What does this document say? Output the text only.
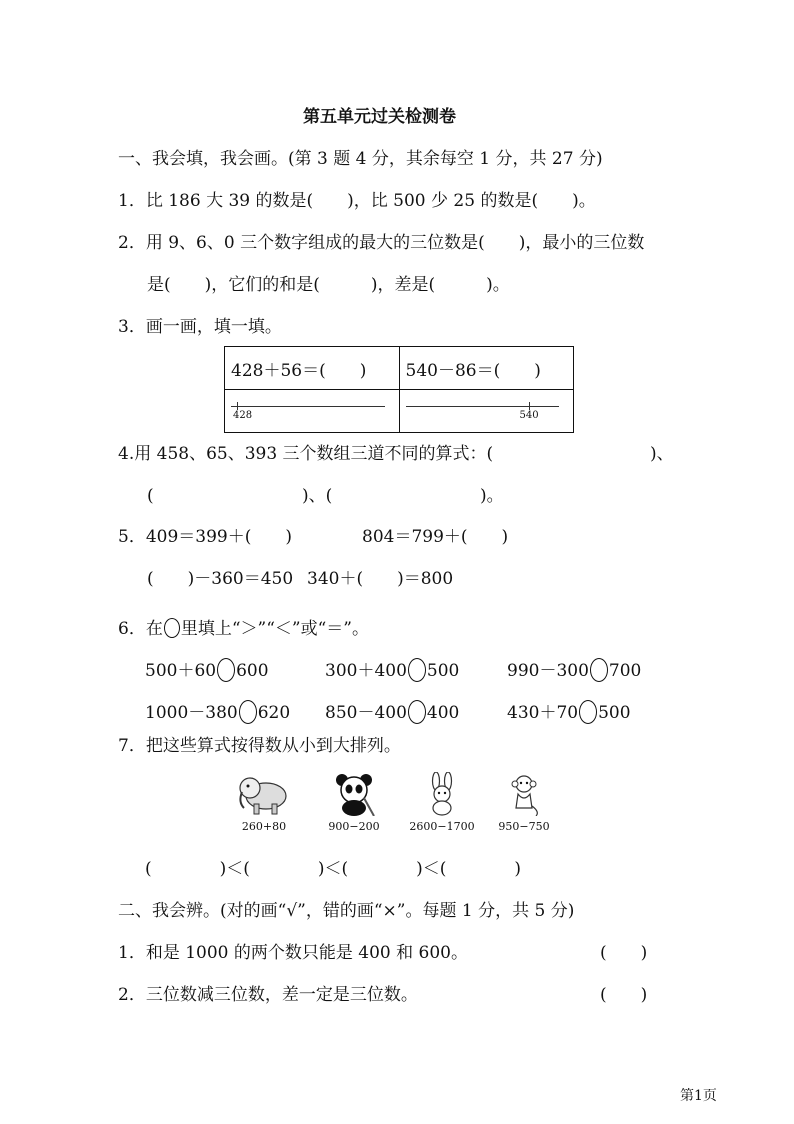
第五单元过关检测卷
一、我会填，我会画。(第 3 题 4 分，其余每空 1 分，共 27 分)
1．比 186 大 39 的数是(　　)，比 500 少 25 的数是(　　)。
2．用 9、6、0 三个数字组成的最大的三位数是(　　)，最小的三位数
是(　　)，它们的和是(　　　)，差是(　　　)。
3．画一画，填一填。
428＋56＝(　　)	540－86＝(　　)

428	540
4.用 458、65、393 三个数组三道不同的算式：(	)、
(	)、(	)。
5．409＝399＋(　　)	804＝799＋(　　)
(　　)－360＝450 340＋(　　)＝800
6．在 里填上“＞”“＜”或“＝”。
500＋60 600	300＋400 500	990－300 700
1000－380 620 850－400 400	430＋70 500
7．把这些算式按得数从小到大排列。
260+80	900−200	2600−1700	950−750
(　　　　)＜(　　　　)＜(　　　　)＜(　　　　)
二、我会辨。(对的画“√”，错的画“×”。每题 1 分，共 5 分)
1．和是 1000 的两个数只能是 400 和 600。	(　　)
2．三位数减三位数，差一定是三位数。	(　　)
第1页
